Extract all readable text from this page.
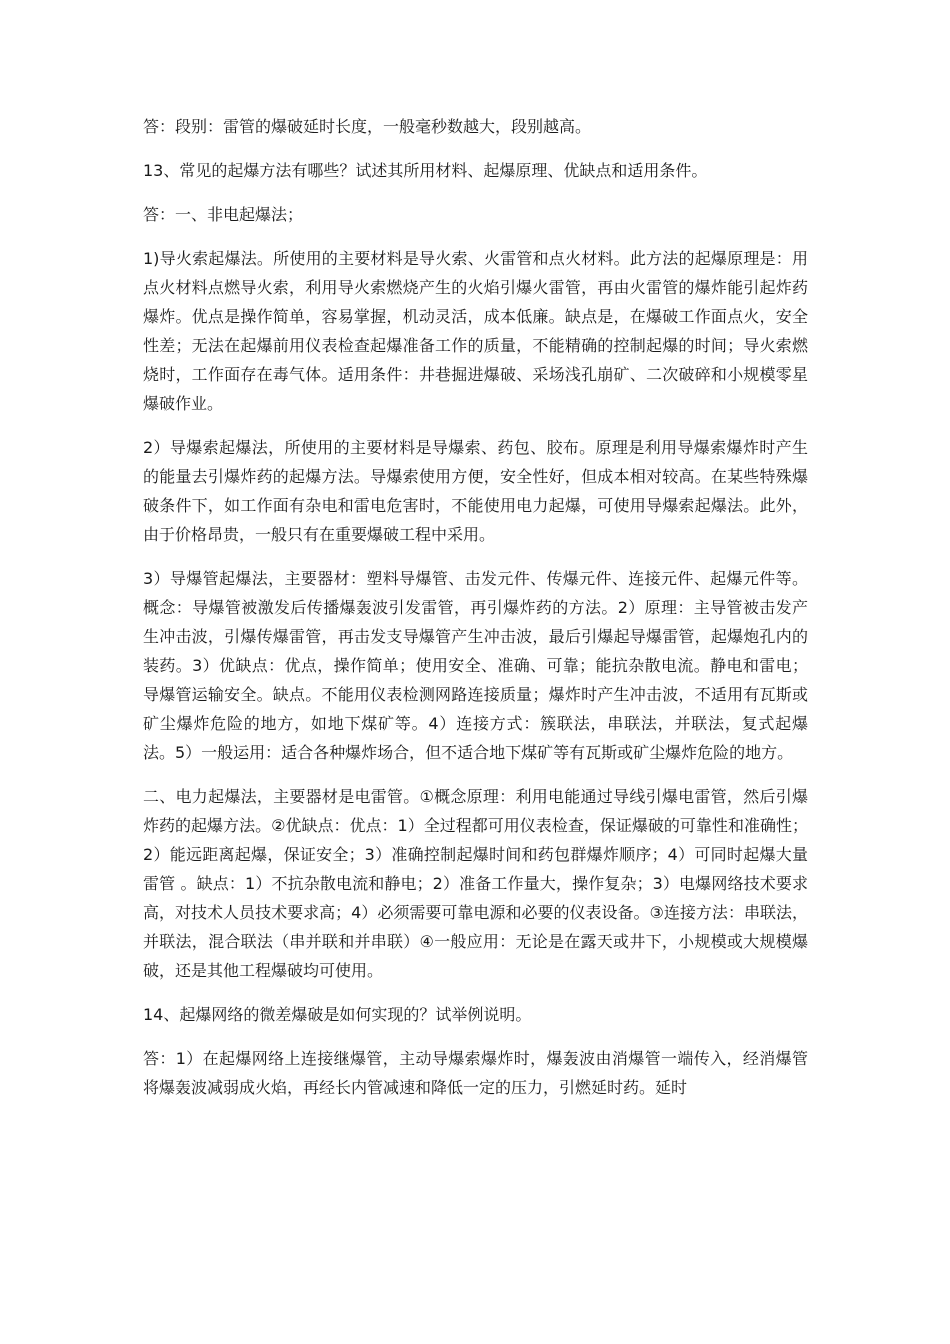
答：段别：雷管的爆破延时长度，一般毫秒数越大，段别越高。

13、常见的起爆方法有哪些？试述其所用材料、起爆原理、优缺点和适用条件。

答：一、非电起爆法；

1)导火索起爆法。所使用的主要材料是导火索、火雷管和点火材料。此方法的起爆原理是：用点火材料点燃导火索，利用导火索燃烧产生的火焰引爆火雷管，再由火雷管的爆炸能引起炸药爆炸。优点是操作简单，容易掌握，机动灵活，成本低廉。缺点是，在爆破工作面点火，安全性差；无法在起爆前用仪表检查起爆准备工作的质量，不能精确的控制起爆的时间；导火索燃烧时，工作面存在毒气体。适用条件：井巷掘进爆破、采场浅孔崩矿、二次破碎和小规模零星爆破作业。

2）导爆索起爆法，所使用的主要材料是导爆索、药包、胶布。原理是利用导爆索爆炸时产生的能量去引爆炸药的起爆方法。导爆索使用方便，安全性好，但成本相对较高。在某些特殊爆破条件下，如工作面有杂电和雷电危害时，不能使用电力起爆，可使用导爆索起爆法。此外，由于价格昂贵，一般只有在重要爆破工程中采用。

3）导爆管起爆法，主要器材：塑料导爆管、击发元件、传爆元件、连接元件、起爆元件等。概念：导爆管被激发后传播爆轰波引发雷管，再引爆炸药的方法。2）原理：主导管被击发产生冲击波，引爆传爆雷管，再击发支导爆管产生冲击波，最后引爆起导爆雷管，起爆炮孔内的装药。3）优缺点：优点，操作简单；使用安全、准确、可靠；能抗杂散电流。静电和雷电；导爆管运输安全。缺点。不能用仪表检测网路连接质量；爆炸时产生冲击波，不适用有瓦斯或矿尘爆炸危险的地方，如地下煤矿等。4）连接方式：簇联法，串联法，并联法，复式起爆法。5）一般运用：适合各种爆炸场合，但不适合地下煤矿等有瓦斯或矿尘爆炸危险的地方。

二、电力起爆法，主要器材是电雷管。①概念原理：利用电能通过导线引爆电雷管，然后引爆炸药的起爆方法。②优缺点：优点：1）全过程都可用仪表检查，保证爆破的可靠性和准确性；2）能远距离起爆，保证安全；3）准确控制起爆时间和药包群爆炸顺序；4）可同时起爆大量雷管 。缺点：1）不抗杂散电流和静电；2）准备工作量大，操作复杂；3）电爆网络技术要求高，对技术人员技术要求高；4）必须需要可靠电源和必要的仪表设备。③连接方法：串联法，并联法，混合联法（串并联和并串联）④一般应用：无论是在露天或井下，小规模或大规模爆破，还是其他工程爆破均可使用。

14、起爆网络的微差爆破是如何实现的？试举例说明。

答：1）在起爆网络上连接继爆管，主动导爆索爆炸时，爆轰波由消爆管一端传入，经消爆管将爆轰波减弱成火焰，再经长内管减速和降低一定的压力，引燃延时药。延时
